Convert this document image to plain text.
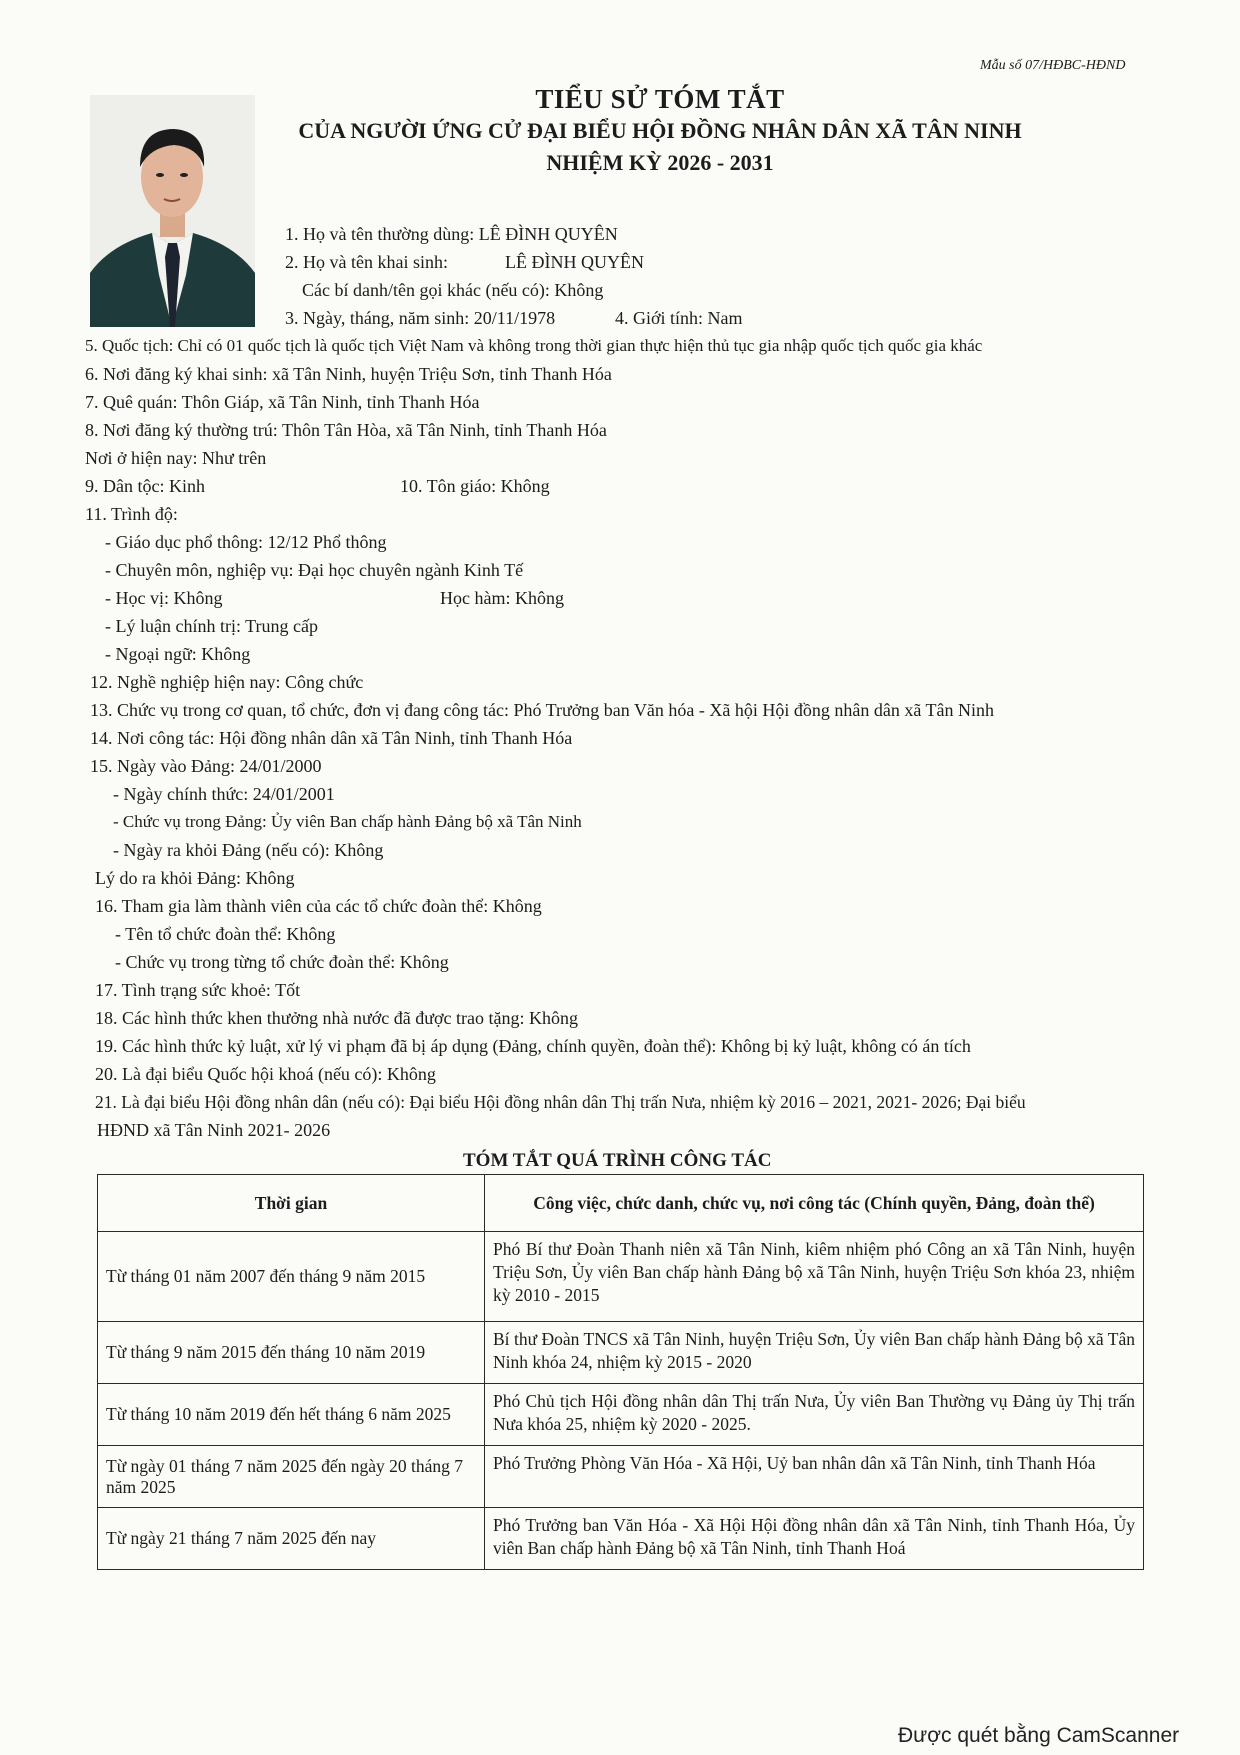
Mẫu số 07/HĐBC-HĐND
TIỂU SỬ TÓM TẮT
CỦA NGƯỜI ỨNG CỬ ĐẠI BIỂU HỘI ĐỒNG NHÂN DÂN XÃ TÂN NINH
NHIỆM KỲ 2026 - 2031
1. Họ và tên thường dùng: LÊ ĐÌNH QUYÊN
2. Họ và tên khai sinh:	LÊ ĐÌNH QUYÊN
Các bí danh/tên gọi khác (nếu có): Không
3. Ngày, tháng, năm sinh: 20/11/1978	4. Giới tính: Nam
5. Quốc tịch: Chỉ có 01 quốc tịch là quốc tịch Việt Nam và không trong thời gian thực hiện thủ tục gia nhập quốc tịch quốc gia khác
6. Nơi đăng ký khai sinh: xã Tân Ninh, huyện Triệu Sơn, tỉnh Thanh Hóa
7. Quê quán: Thôn Giáp, xã Tân Ninh, tỉnh Thanh Hóa
8. Nơi đăng ký thường trú: Thôn Tân Hòa, xã Tân Ninh, tỉnh Thanh Hóa
Nơi ở hiện nay: Như trên
9. Dân tộc: Kinh	10. Tôn giáo: Không
11. Trình độ:
- Giáo dục phổ thông: 12/12 Phổ thông
- Chuyên môn, nghiệp vụ: Đại học chuyên ngành Kinh Tế
- Học vị: Không	Học hàm: Không
- Lý luận chính trị: Trung cấp
- Ngoại ngữ: Không
12. Nghề nghiệp hiện nay: Công chức
13. Chức vụ trong cơ quan, tổ chức, đơn vị đang công tác: Phó Trưởng ban Văn hóa - Xã hội Hội đồng nhân dân xã Tân Ninh
14. Nơi công tác: Hội đồng nhân dân xã Tân Ninh, tỉnh Thanh Hóa
15. Ngày vào Đảng: 24/01/2000
- Ngày chính thức: 24/01/2001
- Chức vụ trong Đảng: Ủy viên Ban chấp hành Đảng bộ xã Tân Ninh
- Ngày ra khỏi Đảng (nếu có): Không
Lý do ra khỏi Đảng: Không
16. Tham gia làm thành viên của các tổ chức đoàn thể: Không
- Tên tổ chức đoàn thể: Không
- Chức vụ trong từng tổ chức đoàn thể: Không
17. Tình trạng sức khoẻ: Tốt
18. Các hình thức khen thưởng nhà nước đã được trao tặng: Không
19. Các hình thức kỷ luật, xử lý vi phạm đã bị áp dụng (Đảng, chính quyền, đoàn thể): Không bị kỷ luật, không có án tích
20. Là đại biểu Quốc hội khoá (nếu có): Không
21. Là đại biểu Hội đồng nhân dân (nếu có): Đại biểu Hội đồng nhân dân Thị trấn Nưa, nhiệm kỳ 2016 – 2021, 2021- 2026; Đại biểu
HĐND xã Tân Ninh 2021- 2026
TÓM TẮT QUÁ TRÌNH CÔNG TÁC
Thời gian	Công việc, chức danh, chức vụ, nơi công tác (Chính quyền, Đảng, đoàn thể)
Từ tháng 01 năm 2007 đến tháng 9 năm 2015	Phó Bí thư Đoàn Thanh niên xã Tân Ninh, kiêm nhiệm phó Công an xã Tân Ninh, huyện Triệu Sơn, Ủy viên Ban chấp hành Đảng bộ xã Tân Ninh, huyện Triệu Sơn khóa 23, nhiệm kỳ 2010 - 2015
Từ tháng 9 năm 2015 đến tháng 10 năm 2019	Bí thư Đoàn TNCS xã Tân Ninh, huyện Triệu Sơn, Ủy viên Ban chấp hành Đảng bộ xã Tân Ninh khóa 24, nhiệm kỳ 2015 - 2020
Từ tháng 10 năm 2019 đến hết tháng 6 năm 2025	Phó Chủ tịch Hội đồng nhân dân Thị trấn Nưa, Ủy viên Ban Thường vụ Đảng ủy Thị trấn Nưa khóa 25, nhiệm kỳ 2020 - 2025.
Từ ngày 01 tháng 7 năm 2025 đến ngày 20 tháng 7 năm 2025	Phó Trưởng Phòng Văn Hóa - Xã Hội, Uỷ ban nhân dân xã Tân Ninh, tỉnh Thanh Hóa
Từ ngày 21 tháng 7 năm 2025 đến nay	Phó Trưởng ban Văn Hóa - Xã Hội Hội đồng nhân dân xã Tân Ninh, tỉnh Thanh Hóa, Ủy viên Ban chấp hành Đảng bộ xã Tân Ninh, tỉnh Thanh Hoá
Được quét bằng CamScanner
